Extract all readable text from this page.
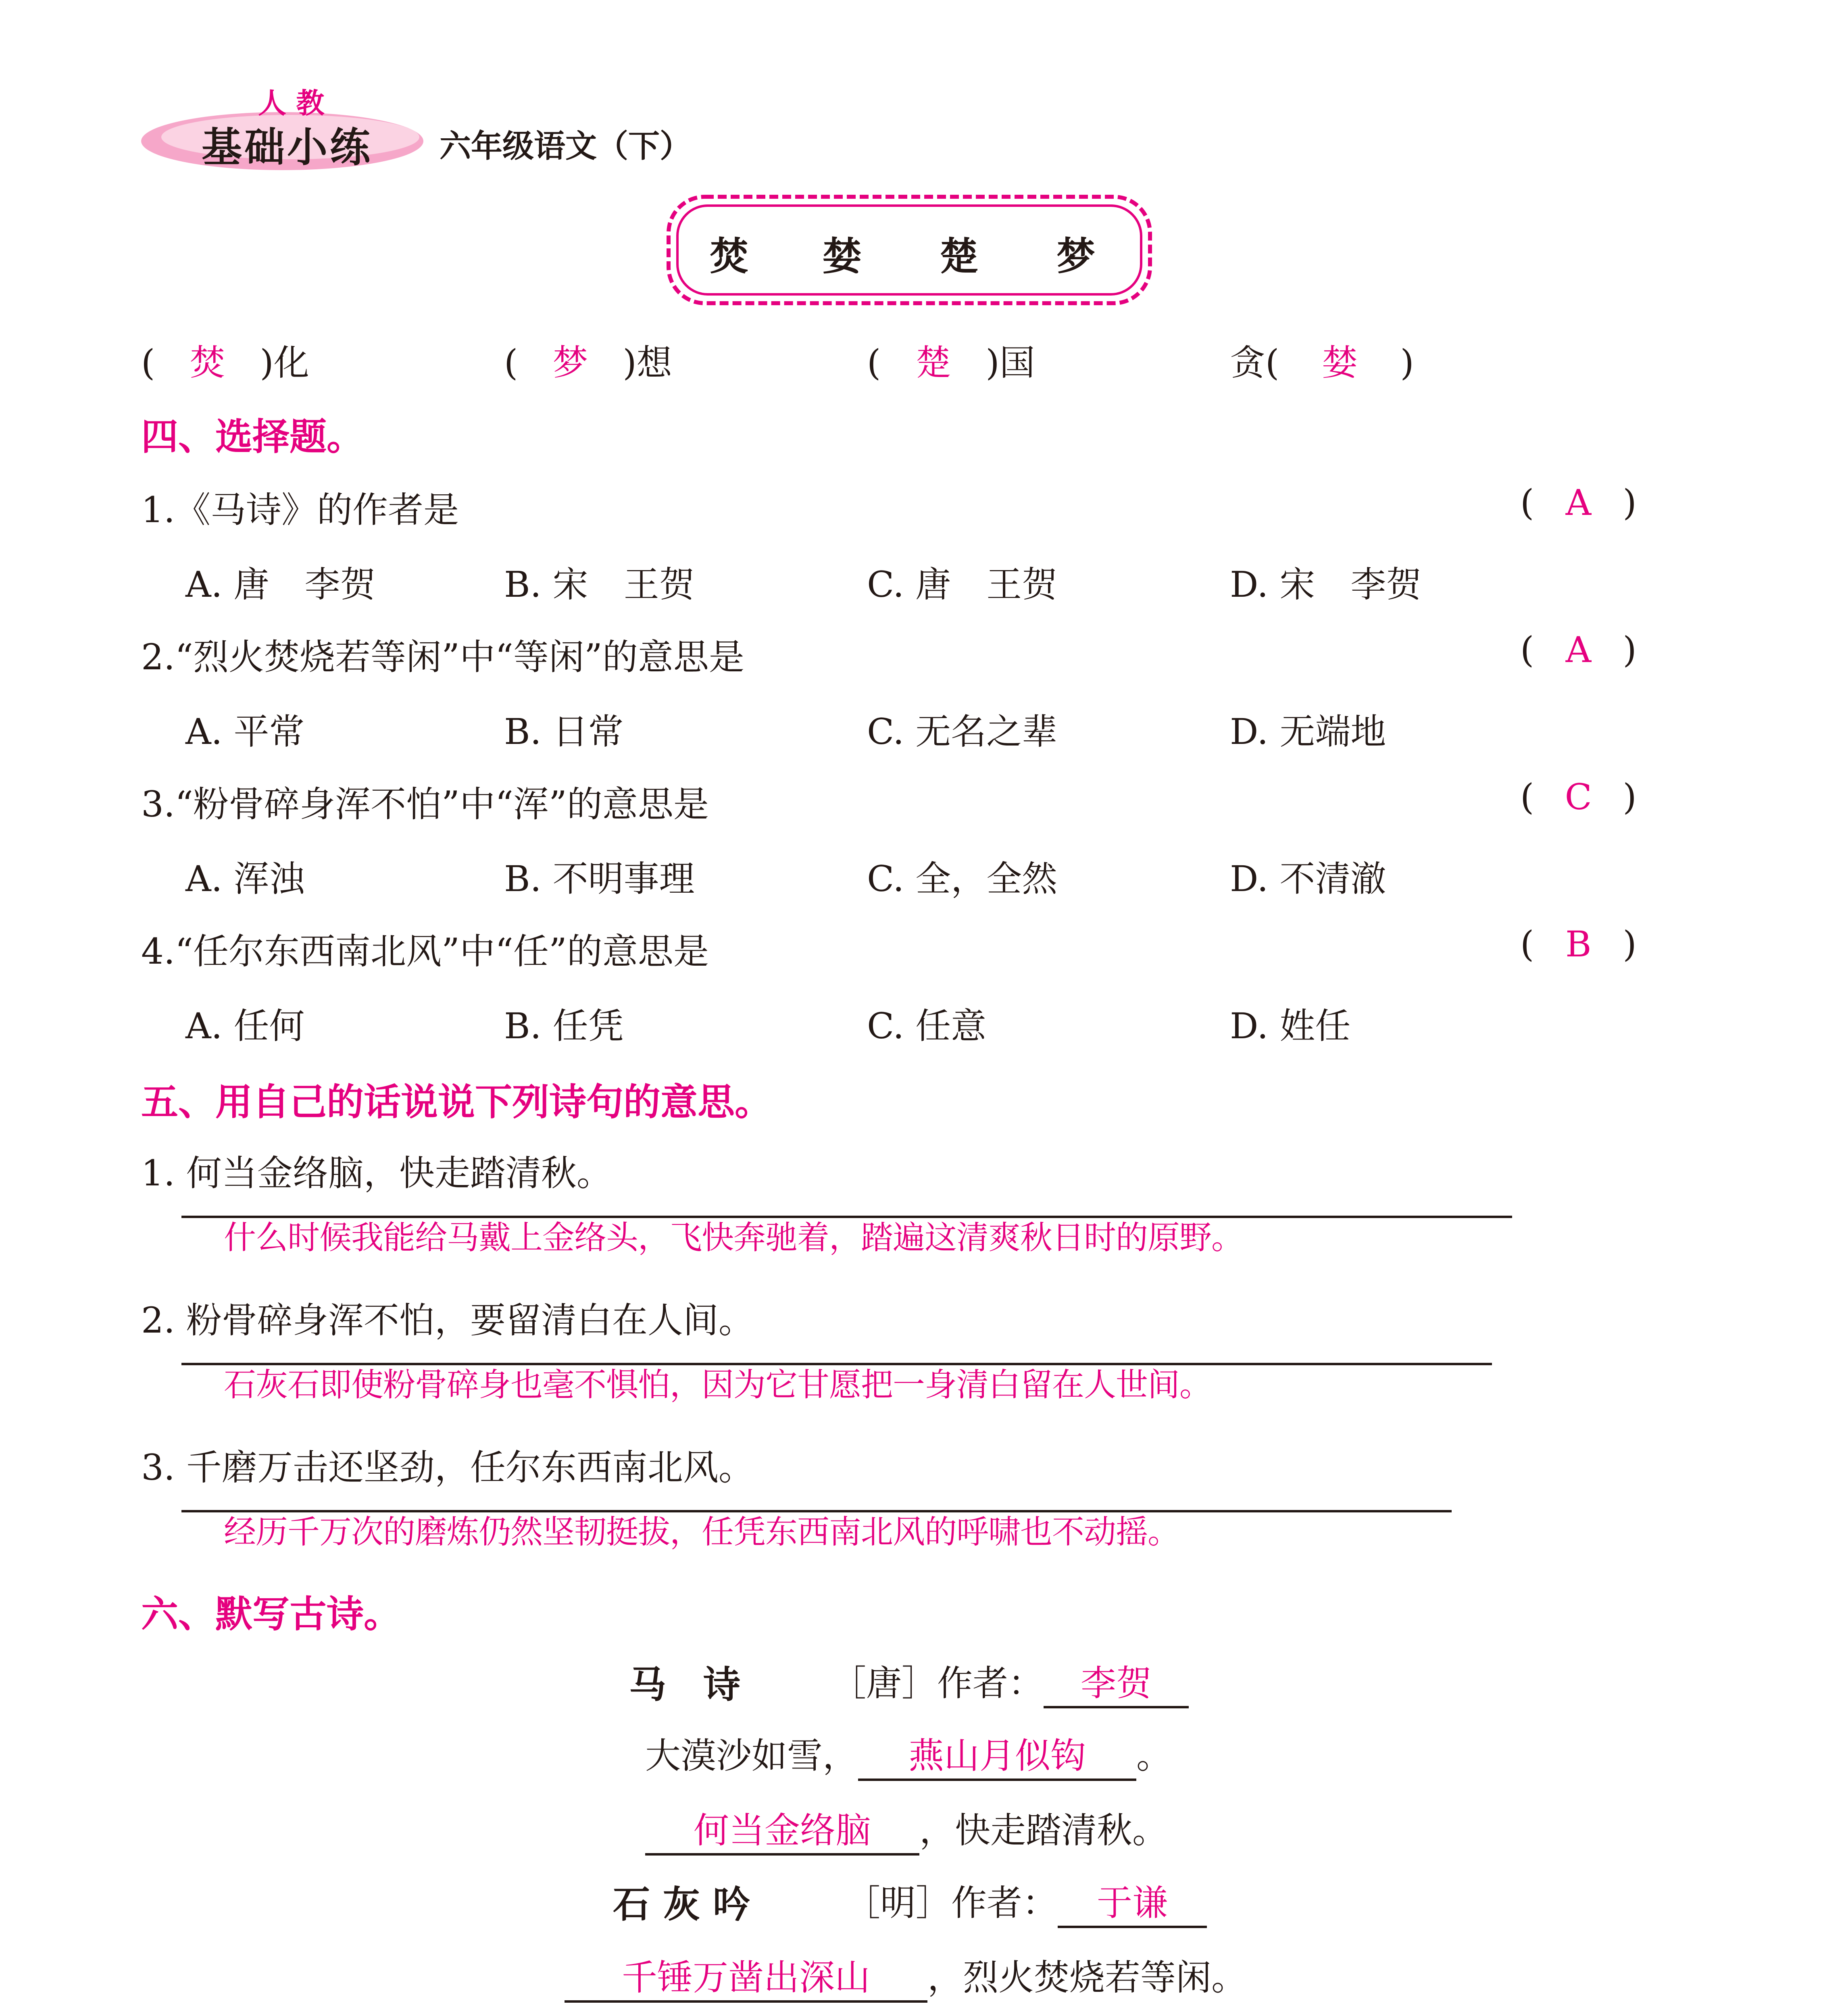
人 教
基础小练 六年级语文（下）
焚 婪 楚 梦
( 焚 )化	( 梦 )想	( 楚 )国	贪( 婪 )
四、选择题。
1.《马诗》的作者是	( A )
A. 唐　李贺	B. 宋　王贺	C. 唐　王贺	D. 宋　李贺
2.“烈火焚烧若等闲”中“等闲”的意思是	( A )
A. 平常	B. 日常	C. 无名之辈	D. 无端地
3.“粉骨碎身浑不怕”中“浑”的意思是	( C )
A. 浑浊	B. 不明事理	C. 全，全然	D. 不清澈
4.“任尔东西南北风”中“任”的意思是	( B )
A. 任何	B. 任凭	C. 任意	D. 姓任
五、用自己的话说说下列诗句的意思。
1. 何当金络脑，快走踏清秋。
什么时候我能给马戴上金络头，飞快奔驰着，踏遍这清爽秋日时的原野。
2. 粉骨碎身浑不怕，要留清白在人间。
石灰石即使粉骨碎身也毫不惧怕，因为它甘愿把一身清白留在人世间。
3. 千磨万击还坚劲，任尔东西南北风。
经历千万次的磨炼仍然坚韧挺拔，任凭东西南北风的呼啸也不动摇。
六、默写古诗。
马　诗	［唐］作者： 李贺
大漠沙如雪， 燕山月似钩 。
何当金络脑 ，快走踏清秋。
石 灰 吟	［明］作者： 于谦
千锤万凿出深山 ，烈火焚烧若等闲。
